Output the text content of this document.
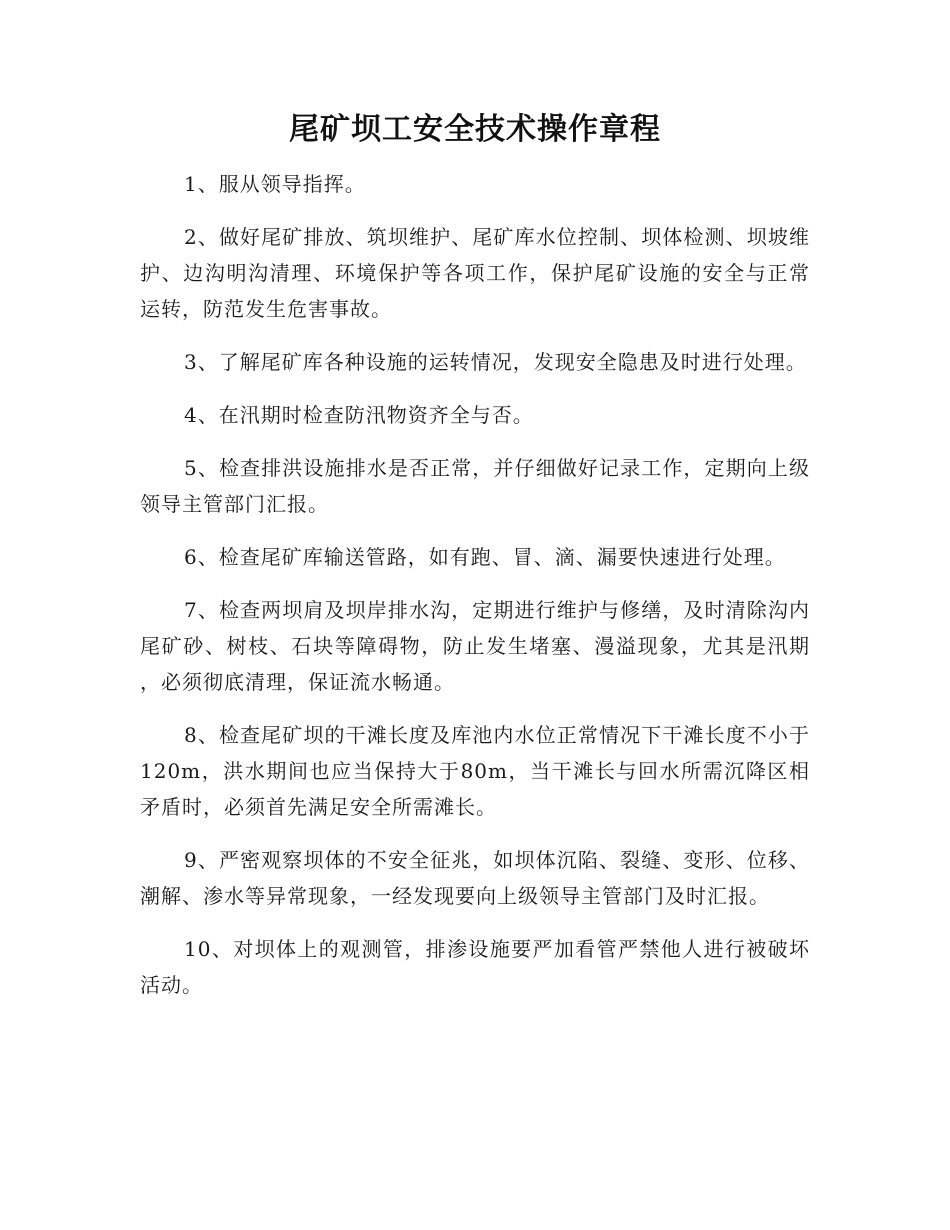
尾矿坝工安全技术操作章程

1、服从领导指挥。

2、做好尾矿排放、筑坝维护、尾矿库水位控制、坝体检测、坝坡维护、边沟明沟清理、环境保护等各项工作，保护尾矿设施的安全与正常运转，防范发生危害事故。

3、了解尾矿库各种设施的运转情况，发现安全隐患及时进行处理。

4、在汛期时检查防汛物资齐全与否。

5、检查排洪设施排水是否正常，并仔细做好记录工作，定期向上级领导主管部门汇报。

6、检查尾矿库输送管路，如有跑、冒、滴、漏要快速进行处理。

7、检查两坝肩及坝岸排水沟，定期进行维护与修缮，及时清除沟内尾矿砂、树枝、石块等障碍物，防止发生堵塞、漫溢现象，尤其是汛期，必须彻底清理，保证流水畅通。

8、检查尾矿坝的干滩长度及库池内水位正常情况下干滩长度不小于120m，洪水期间也应当保持大于80m，当干滩长与回水所需沉降区相矛盾时，必须首先满足安全所需滩长。

9、严密观察坝体的不安全征兆，如坝体沉陷、裂缝、变形、位移、潮解、渗水等异常现象，一经发现要向上级领导主管部门及时汇报。

10、对坝体上的观测管，排渗设施要严加看管严禁他人进行被破坏活动。
